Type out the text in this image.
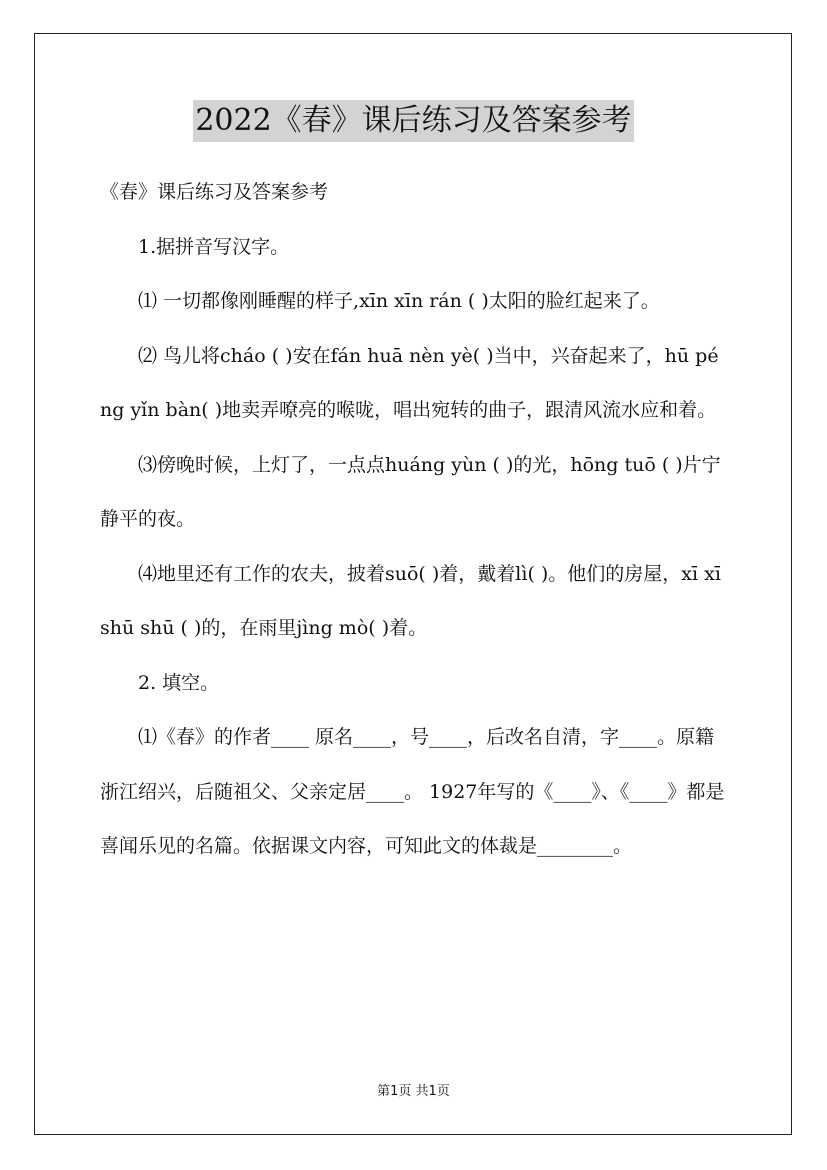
2022《春》课后练习及答案参考

《春》课后练习及答案参考

1.据拼音写汉字。

⑴ 一切都像刚睡醒的样子,xīn xīn rán ( )太阳的脸红起来了。

⑵ 鸟儿将cháo ( )安在fán huā nèn yè( )当中，兴奋起来了，hū péng yǐn bàn( )地卖弄嘹亮的喉咙，唱出宛转的曲子，跟清风流水应和着。

⑶傍晚时候，上灯了，一点点huáng yùn ( )的光，hōng tuō ( )片宁静平的夜。

⑷地里还有工作的农夫，披着suō( )着，戴着lì( )。他们的房屋，xī xī shū shū ( )的，在雨里jìng mò( )着。

2. 填空。

⑴《春》的作者____ 原名____，号____，后改名自清，字____。原籍浙江绍兴，后随祖父、父亲定居____。 1927年写的《____》、《____》都是喜闻乐见的名篇。依据课文内容，可知此文的体裁是________。

第1页 共1页
